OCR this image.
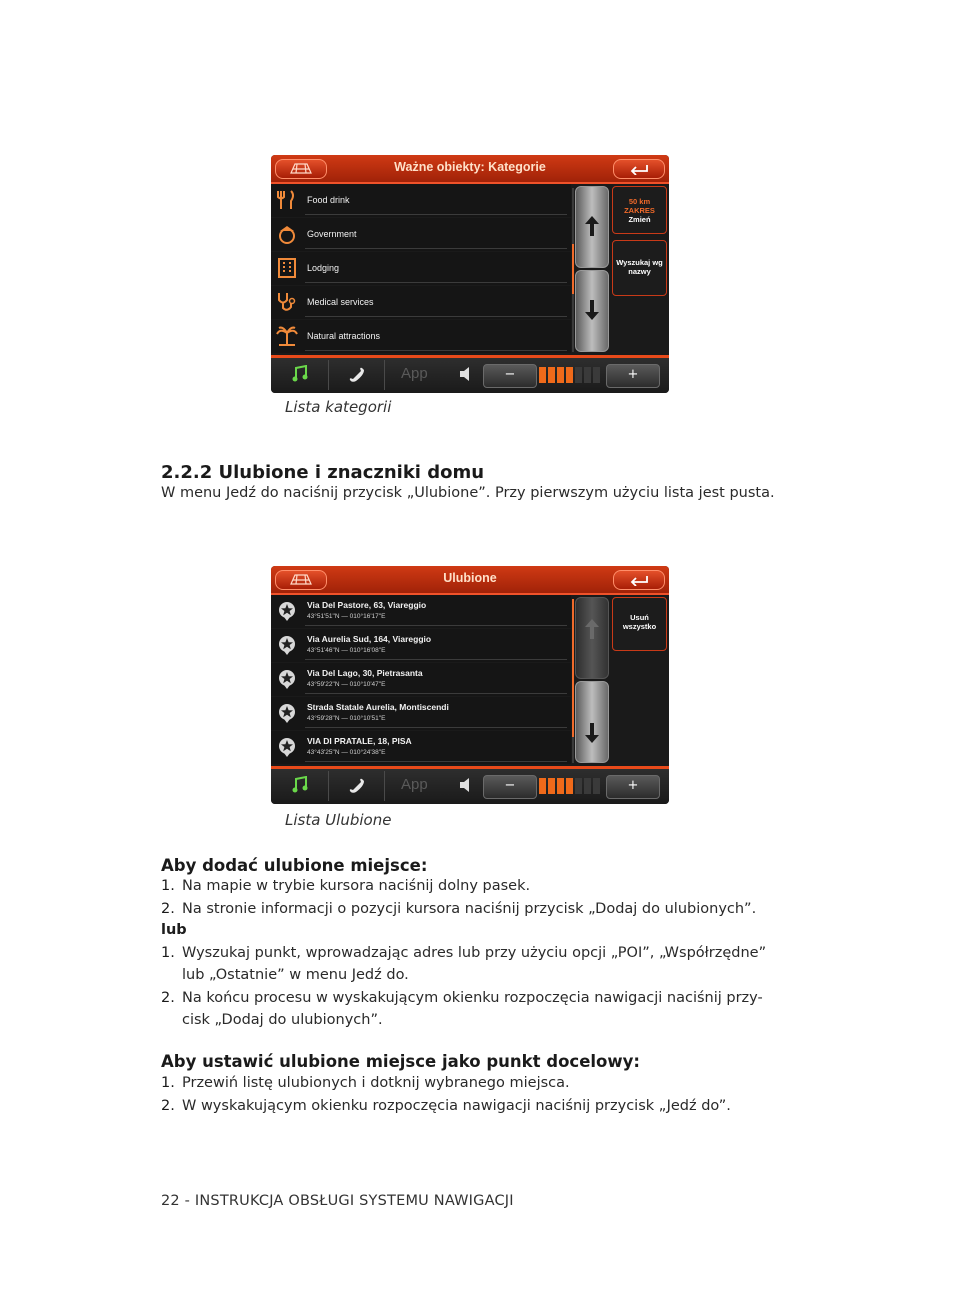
Ważne obiekty: Kategorie
Food drink
Government
Lodging
Medical services
Natural attractions
50 km
ZAKRES
Zmień
Wyszukaj wg
nazwy
App	−	+
Lista kategorii
2.2.2 Ulubione i znaczniki domu
W menu Jedź do naciśnij przycisk „Ulubione”. Przy pierwszym użyciu lista jest pusta.
Ulubione
Via Del Pastore, 63, Viareggio
43°51'51"N — 010°16'17"E
Via Aurelia Sud, 164, Viareggio
43°51'46"N — 010°16'08"E
Via Del Lago, 30, Pietrasanta
43°59'22"N — 010°10'47"E
Strada Statale Aurelia, Montiscendi
43°59'28"N — 010°10'51"E
VIA DI PRATALE, 18, PISA
43°43'25"N — 010°24'38"E
Usuń
wszystko
App	−	+
Lista Ulubione
Aby dodać ulubione miejsce:
1. Na mapie w trybie kursora naciśnij dolny pasek.
2. Na stronie informacji o pozycji kursora naciśnij przycisk „Dodaj do ulubionych”.
lub
1. Wyszukaj punkt, wprowadzając adres lub przy użyciu opcji „POI”, „Współrzędne”
lub „Ostatnie” w menu Jedź do.
2. Na końcu procesu w wyskakującym okienku rozpoczęcia nawigacji naciśnij przy-
cisk „Dodaj do ulubionych”.
Aby ustawić ulubione miejsce jako punkt docelowy:
1. Przewiń listę ulubionych i dotknij wybranego miejsca.
2. W wyskakującym okienku rozpoczęcia nawigacji naciśnij przycisk „Jedź do”.
22 - INSTRUKCJA OBSŁUGI SYSTEMU NAWIGACJI
